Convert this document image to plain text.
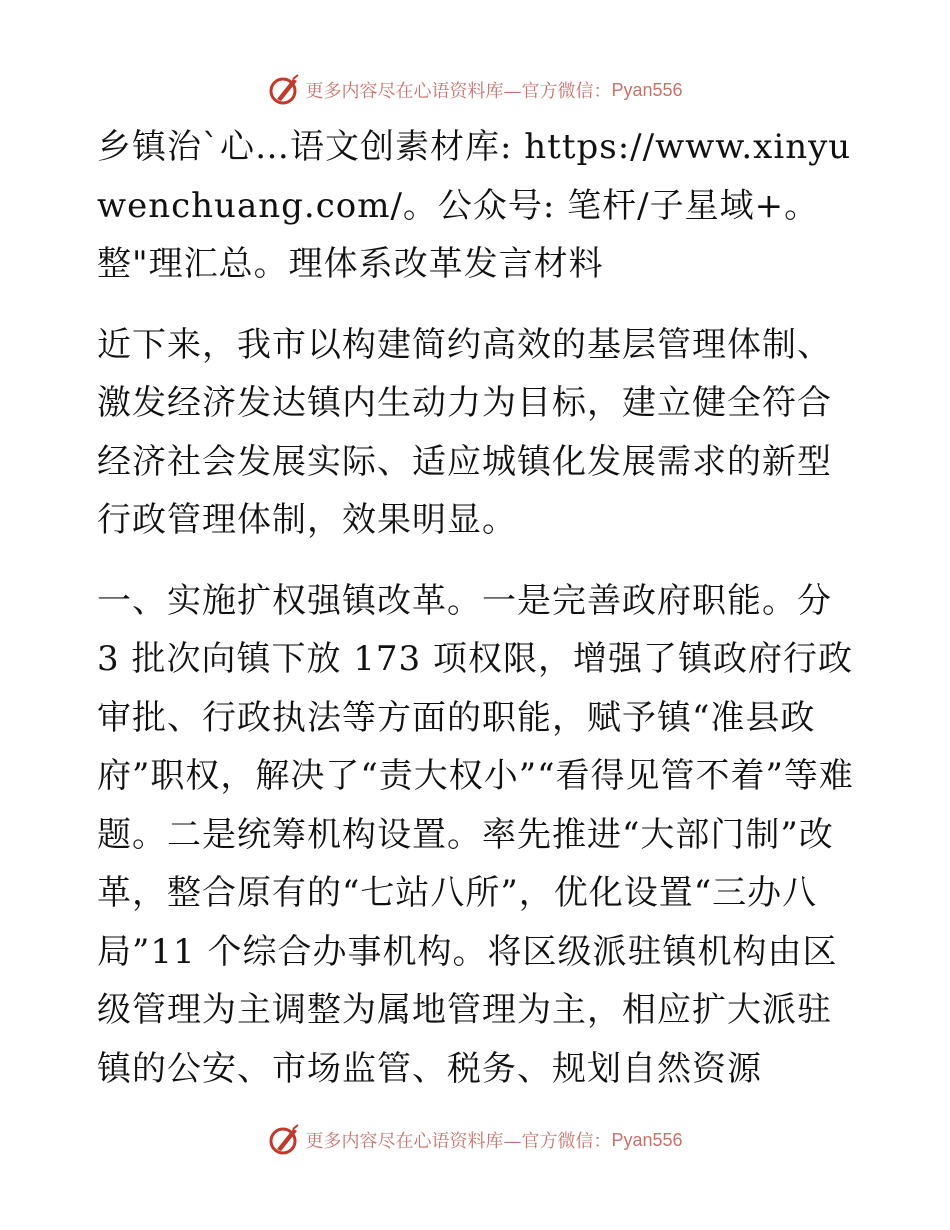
更多内容尽在心语资料库—官方微信： Pyan556

乡镇治`心…语文创素材库: https://www.xinyuwenchuang.com/。公众号: 笔杆/子星域+。整"理汇总。理体系改革发言材料

近下来，我市以构建简约高效的基层管理体制、激发经济发达镇内生动力为目标，建立健全符合经济社会发展实际、适应城镇化发展需求的新型行政管理体制，效果明显。

一、实施扩权强镇改革。一是完善政府职能。分 3 批次向镇下放 173 项权限，增强了镇政府行政审批、行政执法等方面的职能，赋予镇“准县政府”职权，解决了“责大权小”“看得见管不着”等难题。二是统筹机构设置。率先推进“大部门制”改革，整合原有的“七站八所”，优化设置“三办八局”11 个综合办事机构。将区级派驻镇机构由区级管理为主调整为属地管理为主，相应扩大派驻镇的公安、市场监管、税务、规划自然资源

更多内容尽在心语资料库—官方微信： Pyan556
